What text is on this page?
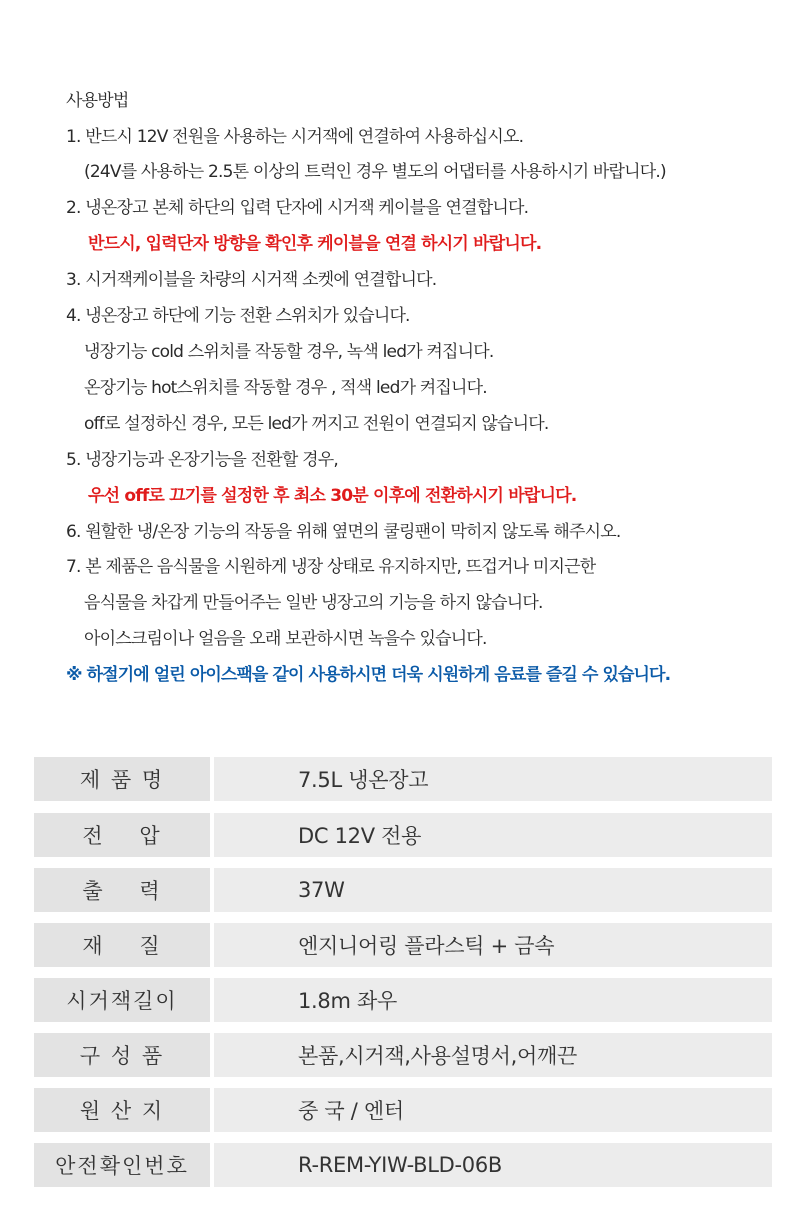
사용방법
1. 반드시 12V 전원을 사용하는 시거잭에 연결하여 사용하십시오.
(24V를 사용하는 2.5톤 이상의 트럭인 경우 별도의 어댑터를 사용하시기 바랍니다.)
2. 냉온장고 본체 하단의 입력 단자에 시거잭 케이블을 연결합니다.
반드시, 입력단자 방향을 확인후 케이블을 연결 하시기 바랍니다.
3. 시거잭케이블을 차량의 시거잭 소켓에 연결합니다.
4. 냉온장고 하단에 기능 전환 스위치가 있습니다.
냉장기능 cold 스위치를 작동할 경우, 녹색 led가 켜집니다.
온장기능 hot스위치를 작동할 경우 , 적색 led가 켜집니다.
off로 설정하신 경우, 모든 led가 꺼지고 전원이 연결되지 않습니다.
5. 냉장기능과 온장기능을 전환할 경우,
우선 off로 끄기를 설정한 후 최소 30분 이후에 전환하시기 바랍니다.
6. 원할한 냉/온장 기능의 작동을 위해 옆면의 쿨링팬이 막히지 않도록 해주시오.
7. 본 제품은 음식물을 시원하게 냉장 상태로 유지하지만, 뜨겁거나 미지근한
음식물을 차갑게 만들어주는 일반 냉장고의 기능을 하지 않습니다.
아이스크림이나 얼음을 오래 보관하시면 녹을수 있습니다.
※ 하절기에 얼린 아이스팩을 같이 사용하시면 더욱 시원하게 음료를 즐길 수 있습니다.
제 품 명	7.5L 냉온장고
전    압	DC 12V 전용
출    력	37W
재    질	엔지니어링 플라스틱 + 금속
시거잭길이	1.8m 좌우
구 성 품	본품,시거잭,사용설명서,어깨끈
원 산 지	중 국 / 엔터
안전확인번호	R-REM-YIW-BLD-06B
